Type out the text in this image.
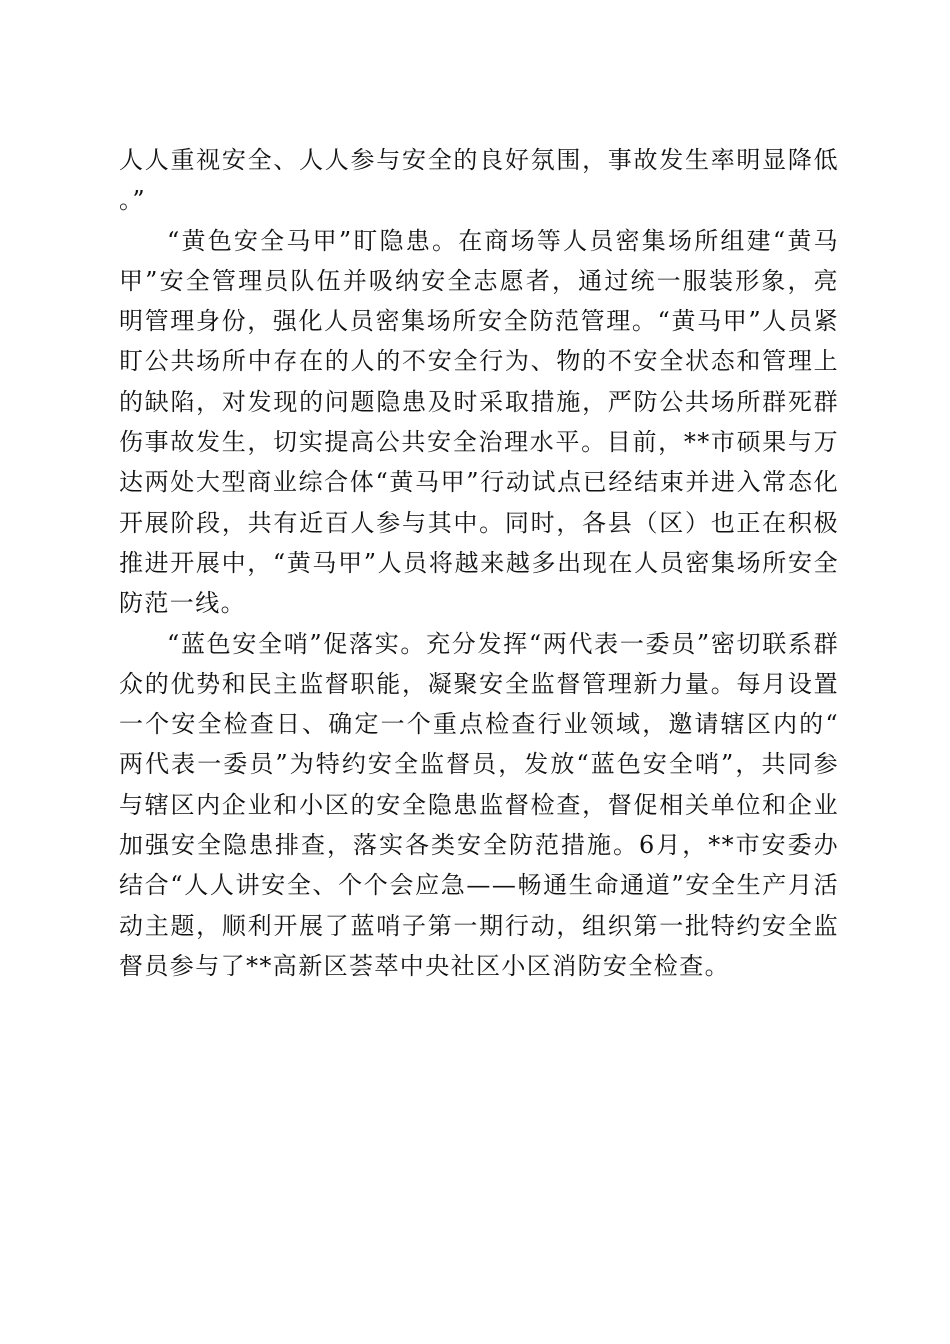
人人重视安全、人人参与安全的良好氛围，事故发生率明显降低。”

“黄色安全马甲”盯隐患。在商场等人员密集场所组建“黄马甲”安全管理员队伍并吸纳安全志愿者，通过统一服装形象，亮明管理身份，强化人员密集场所安全防范管理。“黄马甲”人员紧盯公共场所中存在的人的不安全行为、物的不安全状态和管理上的缺陷，对发现的问题隐患及时采取措施，严防公共场所群死群伤事故发生，切实提高公共安全治理水平。目前，**市硕果与万达两处大型商业综合体“黄马甲”行动试点已经结束并进入常态化开展阶段，共有近百人参与其中。同时，各县（区）也正在积极推进开展中，“黄马甲”人员将越来越多出现在人员密集场所安全防范一线。

“蓝色安全哨”促落实。充分发挥“两代表一委员”密切联系群众的优势和民主监督职能，凝聚安全监督管理新力量。每月设置一个安全检查日、确定一个重点检查行业领域，邀请辖区内的“两代表一委员”为特约安全监督员，发放“蓝色安全哨”，共同参与辖区内企业和小区的安全隐患监督检查，督促相关单位和企业加强安全隐患排查，落实各类安全防范措施。6月，**市安委办结合“人人讲安全、个个会应急——畅通生命通道”安全生产月活动主题，顺利开展了蓝哨子第一期行动，组织第一批特约安全监督员参与了**高新区荟萃中央社区小区消防安全检查。
